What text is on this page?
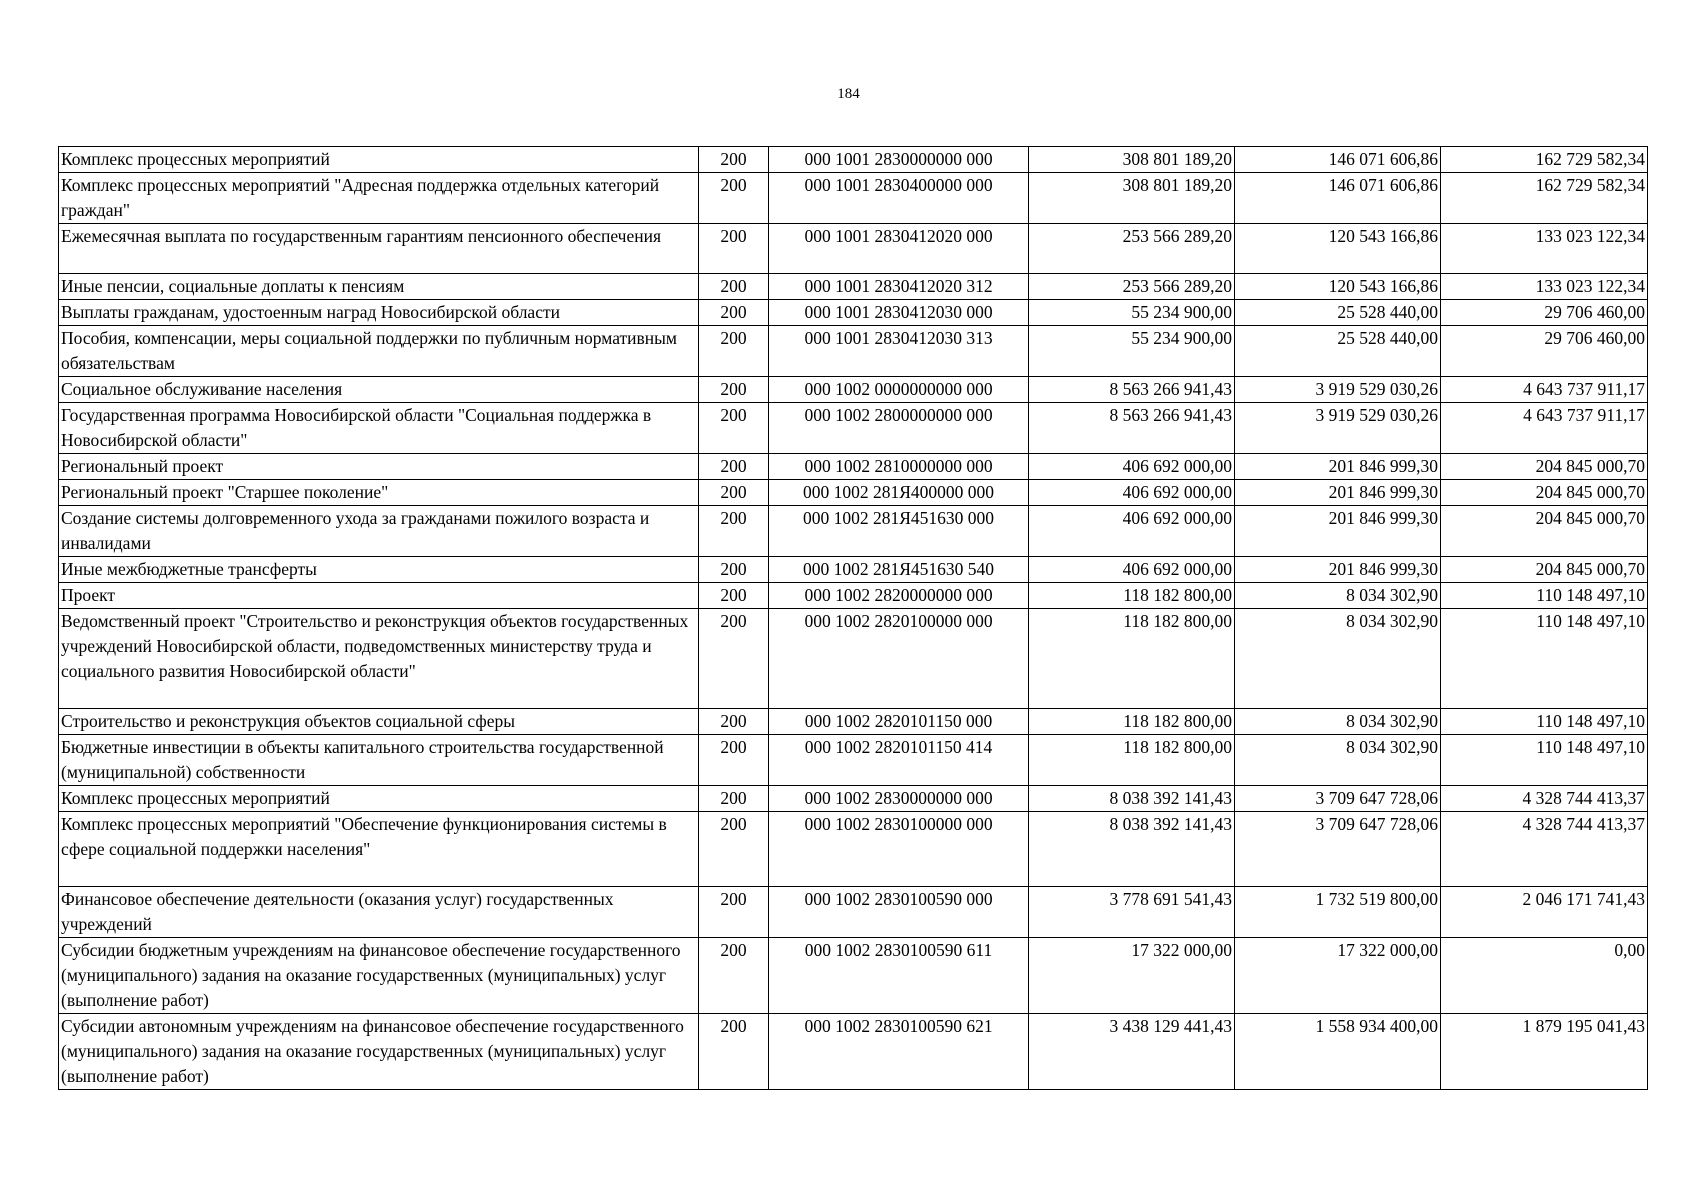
184
Комплекс процессных мероприятий	200	000 1001 2830000000 000	308 801 189,20	146 071 606,86	162 729 582,34
Комплекс процессных мероприятий "Адресная поддержка отдельных категорий граждан"	200	000 1001 2830400000 000	308 801 189,20	146 071 606,86	162 729 582,34
Ежемесячная выплата по государственным гарантиям пенсионного обеспечения	200	000 1001 2830412020 000	253 566 289,20	120 543 166,86	133 023 122,34
Иные пенсии, социальные доплаты к пенсиям	200	000 1001 2830412020 312	253 566 289,20	120 543 166,86	133 023 122,34
Выплаты гражданам, удостоенным наград Новосибирской области	200	000 1001 2830412030 000	55 234 900,00	25 528 440,00	29 706 460,00
Пособия, компенсации, меры социальной поддержки по публичным нормативным обязательствам	200	000 1001 2830412030 313	55 234 900,00	25 528 440,00	29 706 460,00
Социальное обслуживание населения	200	000 1002 0000000000 000	8 563 266 941,43	3 919 529 030,26	4 643 737 911,17
Государственная программа Новосибирской области "Социальная поддержка в Новосибирской области"	200	000 1002 2800000000 000	8 563 266 941,43	3 919 529 030,26	4 643 737 911,17
Региональный проект	200	000 1002 2810000000 000	406 692 000,00	201 846 999,30	204 845 000,70
Региональный проект "Старшее поколение"	200	000 1002 281Я400000 000	406 692 000,00	201 846 999,30	204 845 000,70
Создание системы долговременного ухода за гражданами пожилого возраста и инвалидами	200	000 1002 281Я451630 000	406 692 000,00	201 846 999,30	204 845 000,70
Иные межбюджетные трансферты	200	000 1002 281Я451630 540	406 692 000,00	201 846 999,30	204 845 000,70
Проект	200	000 1002 2820000000 000	118 182 800,00	8 034 302,90	110 148 497,10
Ведомственный проект "Строительство и реконструкция объектов государственных учреждений Новосибирской области, подведомственных министерству труда и социального развития Новосибирской области"	200	000 1002 2820100000 000	118 182 800,00	8 034 302,90	110 148 497,10
Строительство и реконструкция объектов социальной сферы	200	000 1002 2820101150 000	118 182 800,00	8 034 302,90	110 148 497,10
Бюджетные инвестиции в объекты капитального строительства государственной (муниципальной) собственности	200	000 1002 2820101150 414	118 182 800,00	8 034 302,90	110 148 497,10
Комплекс процессных мероприятий	200	000 1002 2830000000 000	8 038 392 141,43	3 709 647 728,06	4 328 744 413,37
Комплекс процессных мероприятий "Обеспечение функционирования системы в сфере социальной поддержки населения"	200	000 1002 2830100000 000	8 038 392 141,43	3 709 647 728,06	4 328 744 413,37
Финансовое обеспечение деятельности (оказания услуг) государственных учреждений	200	000 1002 2830100590 000	3 778 691 541,43	1 732 519 800,00	2 046 171 741,43
Субсидии бюджетным учреждениям на финансовое обеспечение государственного (муниципального) задания на оказание государственных (муниципальных) услуг (выполнение работ)	200	000 1002 2830100590 611	17 322 000,00	17 322 000,00	0,00
Субсидии автономным учреждениям на финансовое обеспечение государственного (муниципального) задания на оказание государственных (муниципальных) услуг (выполнение работ)	200	000 1002 2830100590 621	3 438 129 441,43	1 558 934 400,00	1 879 195 041,43
